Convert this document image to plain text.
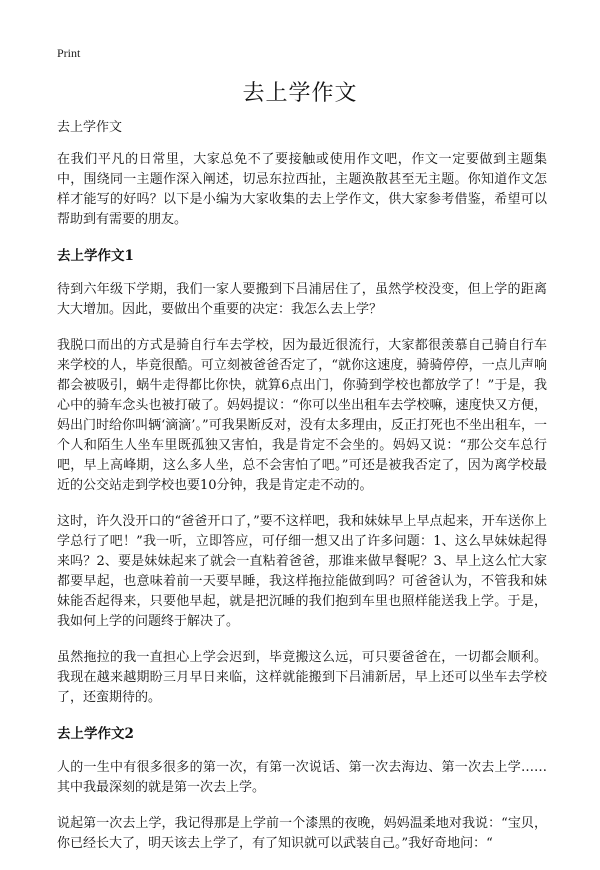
Print
去上学作文

去上学作文

在我们平凡的日常里，大家总免不了要接触或使用作文吧，作文一定要做到主题集中，围绕同一主题作深入阐述，切忌东拉西扯，主题涣散甚至无主题。你知道作文怎样才能写的好吗？以下是小编为大家收集的去上学作文，供大家参考借鉴，希望可以帮助到有需要的朋友。

去上学作文1

待到六年级下学期，我们一家人要搬到下吕浦居住了，虽然学校没变，但上学的距离大大增加。因此，要做出个重要的决定：我怎么去上学？

我脱口而出的方式是骑自行车去学校，因为最近很流行，大家都很羡慕自己骑自行车来学校的人，毕竟很酷。可立刻被爸爸否定了，“就你这速度，骑骑停停，一点儿声响都会被吸引，蜗牛走得都比你快，就算6点出门，你骑到学校也都放学了！”于是，我心中的骑车念头也被打破了。妈妈提议：“你可以坐出租车去学校嘛，速度快又方便，妈出门时给你叫辆‘滴滴’。”可我果断反对，没有太多理由，反正打死也不坐出租车，一个人和陌生人坐车里既孤独又害怕，我是肯定不会坐的。妈妈又说：“那公交车总行吧，早上高峰期，这么多人坐，总不会害怕了吧。”可还是被我否定了，因为离学校最近的公交站走到学校也要10分钟，我是肯定走不动的。

这时，许久没开口的“爸爸开口了，”要不这样吧，我和妹妹早上早点起来，开车送你上学总行了吧！”我一听，立即答应，可仔细一想又出了许多问题：1、这么早妹妹起得来吗？2、要是妹妹起来了就会一直粘着爸爸，那谁来做早餐呢？3、早上这么忙大家都要早起，也意味着前一天要早睡，我这样拖拉能做到吗？可爸爸认为，不管我和妹妹能否起得来，只要他早起，就是把沉睡的我们抱到车里也照样能送我上学。于是，我如何上学的问题终于解决了。

虽然拖拉的我一直担心上学会迟到，毕竟搬这么远，可只要爸爸在，一切都会顺利。我现在越来越期盼三月早日来临，这样就能搬到下吕浦新居，早上还可以坐车去学校了，还蛮期待的。

去上学作文2

人的一生中有很多很多的第一次，有第一次说话、第一次去海边、第一次去上学……其中我最深刻的就是第一次去上学。

说起第一次去上学，我记得那是上学前一个漆黑的夜晚，妈妈温柔地对我说：“宝贝，你已经长大了，明天该去上学了，有了知识就可以武装自己。”我好奇地问：“
